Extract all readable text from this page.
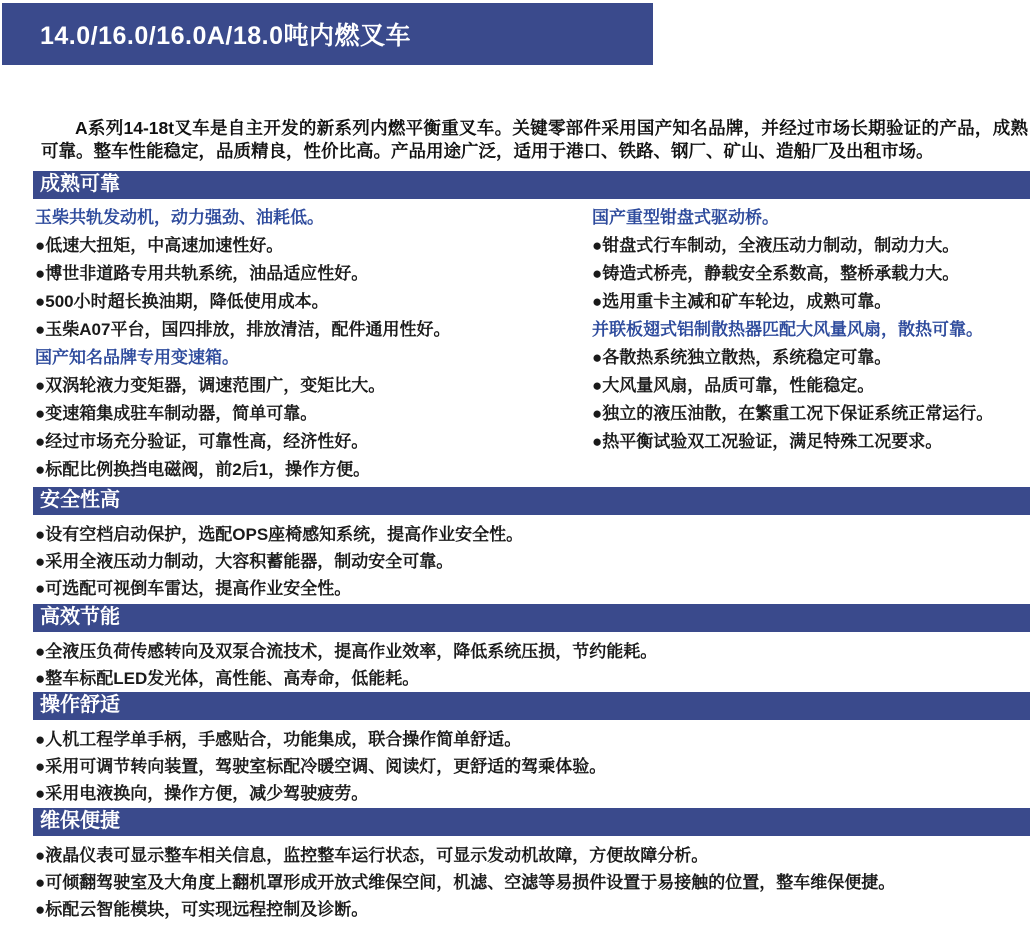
14.0/16.0/16.0A/18.0吨内燃叉车

A系列14-18t叉车是自主开发的新系列内燃平衡重叉车。关键零部件采用国产知名品牌，并经过市场长期验证的产品，成熟可靠。整车性能稳定，品质精良，性价比高。产品用途广泛，适用于港口、铁路、钢厂、矿山、造船厂及出租市场。

成熟可靠
玉柴共轨发动机，动力强劲、油耗低。
●低速大扭矩，中高速加速性好。
●博世非道路专用共轨系统，油品适应性好。
●500小时超长换油期，降低使用成本。
●玉柴A07平台，国四排放，排放清洁，配件通用性好。
国产知名品牌专用变速箱。
●双涡轮液力变矩器，调速范围广，变矩比大。
●变速箱集成驻车制动器，简单可靠。
●经过市场充分验证，可靠性高，经济性好。
●标配比例换挡电磁阀，前2后1，操作方便。
国产重型钳盘式驱动桥。
●钳盘式行车制动，全液压动力制动，制动力大。
●铸造式桥壳，静载安全系数高，整桥承载力大。
●选用重卡主减和矿车轮边，成熟可靠。
并联板翅式铝制散热器匹配大风量风扇，散热可靠。
●各散热系统独立散热，系统稳定可靠。
●大风量风扇，品质可靠，性能稳定。
●独立的液压油散，在繁重工况下保证系统正常运行。
●热平衡试验双工况验证，满足特殊工况要求。
安全性高
●设有空档启动保护，选配OPS座椅感知系统，提高作业安全性。
●采用全液压动力制动，大容积蓄能器，制动安全可靠。
●可选配可视倒车雷达，提高作业安全性。
高效节能
●全液压负荷传感转向及双泵合流技术，提高作业效率，降低系统压损，节约能耗。
●整车标配LED发光体，高性能、高寿命，低能耗。
操作舒适
●人机工程学单手柄，手感贴合，功能集成，联合操作简单舒适。
●采用可调节转向装置，驾驶室标配冷暖空调、阅读灯，更舒适的驾乘体验。
●采用电液换向，操作方便，减少驾驶疲劳。
维保便捷
●液晶仪表可显示整车相关信息，监控整车运行状态，可显示发动机故障，方便故障分析。
●可倾翻驾驶室及大角度上翻机罩形成开放式维保空间，机滤、空滤等易损件设置于易接触的位置，整车维保便捷。
●标配云智能模块，可实现远程控制及诊断。
